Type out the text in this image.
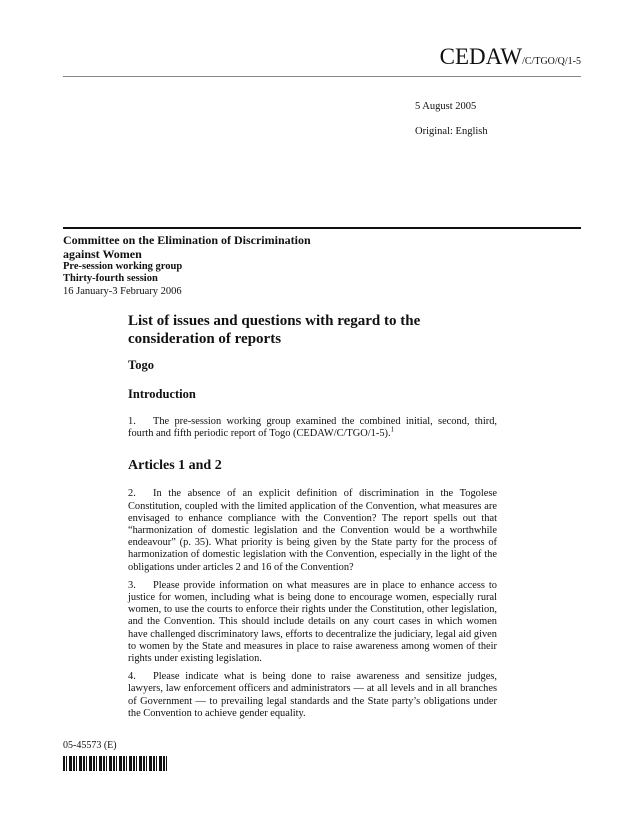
CEDAW/C/TGO/Q/1-5
5 August 2005
Original: English
Committee on the Elimination of Discrimination against Women
Pre-session working group
Thirty-fourth session
16 January-3 February 2006
List of issues and questions with regard to the consideration of reports
Togo
Introduction

1. The pre-session working group examined the combined initial, second, third, fourth and fifth periodic report of Togo (CEDAW/C/TGO/1-5).$^1$

Articles 1 and 2

2. In the absence of an explicit definition of discrimination in the Togolese Constitution, coupled with the limited application of the Convention, what measures are envisaged to enhance compliance with the Convention? The report spells out that “harmonization of domestic legislation and the Convention would be a worthwhile endeavour” (p. 35). What priority is being given by the State party for the process of harmonization of domestic legislation with the Convention, especially in the light of the obligations under articles 2 and 16 of the Convention?

3. Please provide information on what measures are in place to enhance access to justice for women, including what is being done to encourage women, especially rural women, to use the courts to enforce their rights under the Constitution, other legislation, and the Convention. This should include details on any court cases in which women have challenged discriminatory laws, efforts to decentralize the judiciary, legal aid given to women by the State and measures in place to raise awareness among women of their rights under existing legislation.

4. Please indicate what is being done to raise awareness and sensitize judges, lawyers, law enforcement officers and administrators — at all levels and in all branches of Government — to prevailing legal standards and the State party’s obligations under the Convention to achieve gender equality.

05-45573 (E)
